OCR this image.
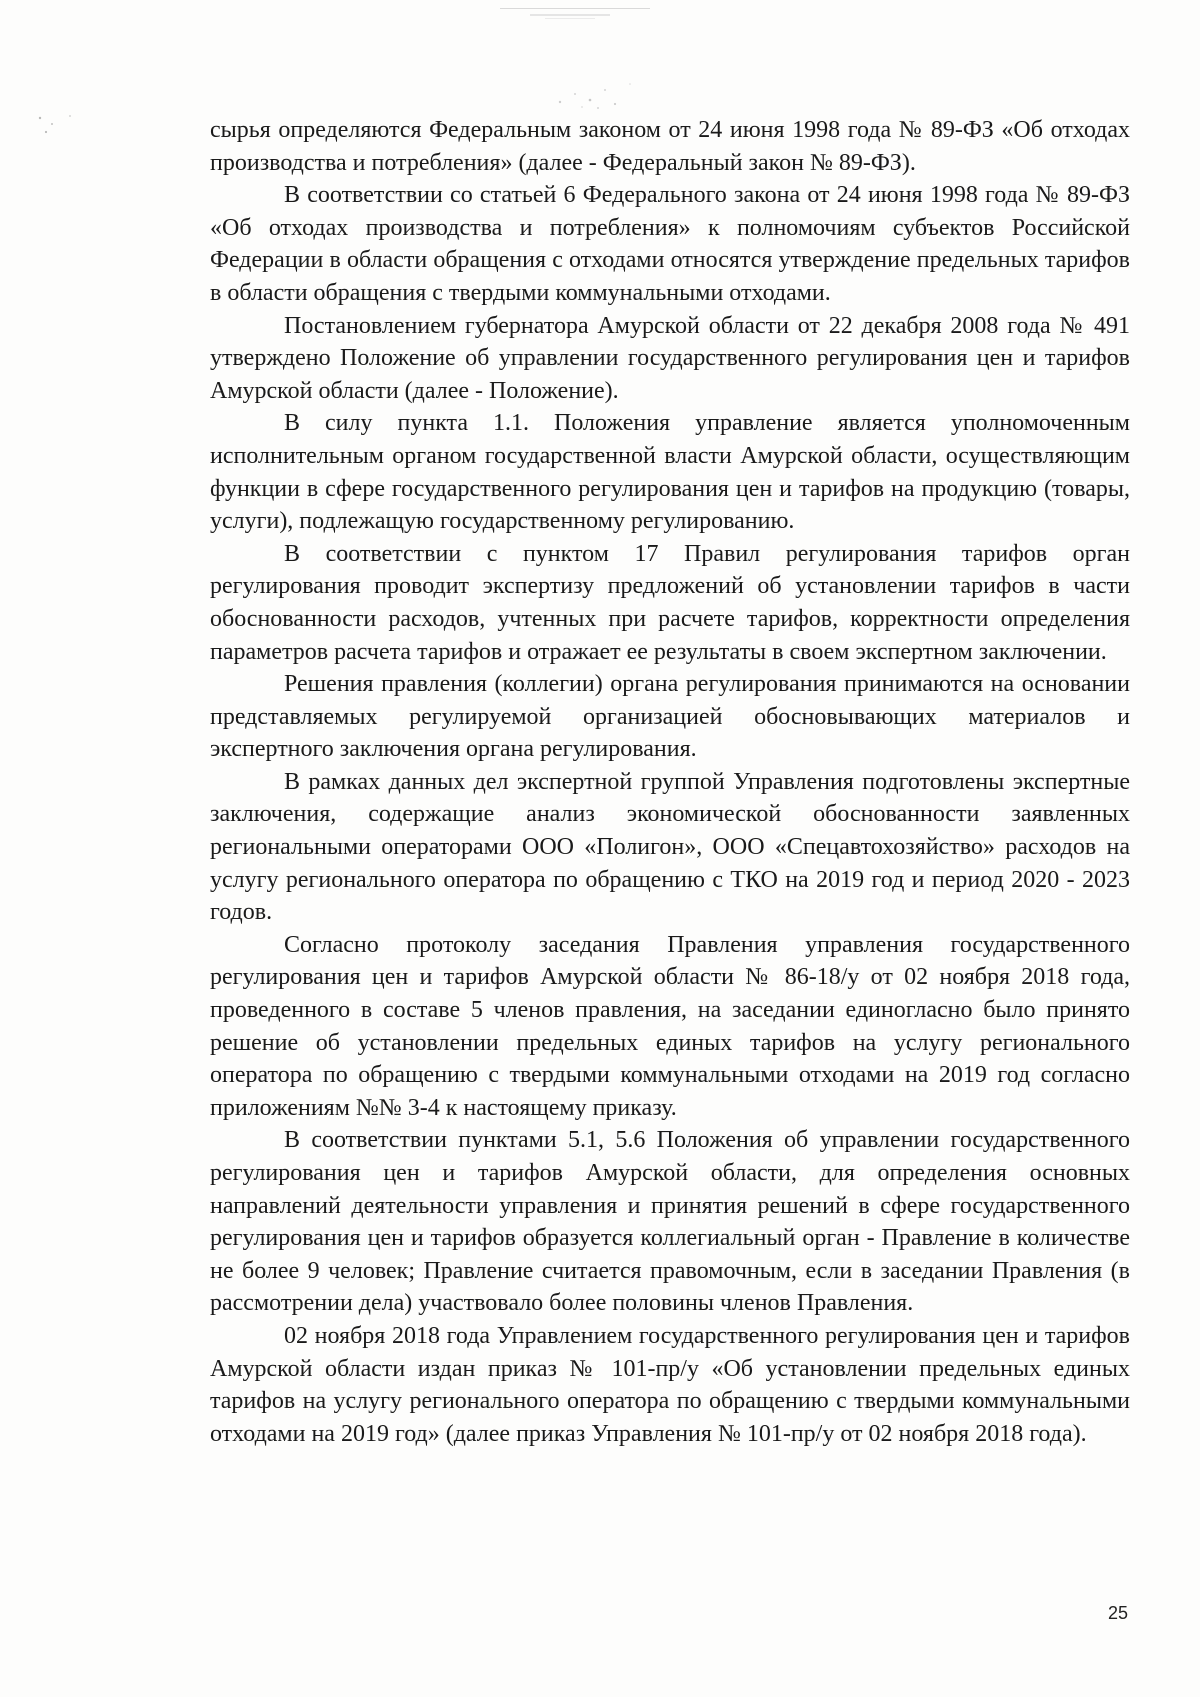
сырья определяются Федеральным законом от 24 июня 1998 года № 89-ФЗ «Об отходах производства и потребления» (далее - Федеральный закон № 89-ФЗ).

В соответствии со статьей 6 Федерального закона от 24 июня 1998 года № 89-ФЗ «Об отходах производства и потребления» к полномочиям субъектов Российской Федерации в области обращения с отходами относятся утверждение предельных тарифов в области обращения с твердыми коммунальными отходами.

Постановлением губернатора Амурской области от 22 декабря 2008 года № 491 утверждено Положение об управлении государственного регулирования цен и тарифов Амурской области (далее - Положение).

В силу пункта 1.1. Положения управление является уполномоченным исполнительным органом государственной власти Амурской области, осуществляющим функции в сфере государственного регулирования цен и тарифов на продукцию (товары, услуги), подлежащую государственному регулированию.

В соответствии с пунктом 17 Правил регулирования тарифов орган регулирования проводит экспертизу предложений об установлении тарифов в части обоснованности расходов, учтенных при расчете тарифов, корректности определения параметров расчета тарифов и отражает ее результаты в своем экспертном заключении.

Решения правления (коллегии) органа регулирования принимаются на основании представляемых регулируемой организацией обосновывающих материалов и экспертного заключения органа регулирования.

В рамках данных дел экспертной группой Управления подготовлены экспертные заключения, содержащие анализ экономической обоснованности заявленных региональными операторами ООО «Полигон», ООО «Спецавтохозяйство» расходов на услугу регионального оператора по обращению с ТКО на 2019 год и период 2020 - 2023 годов.

Согласно протоколу заседания Правления управления государственного регулирования цен и тарифов Амурской области № 86-18/у от 02 ноября 2018 года, проведенного в составе 5 членов правления, на заседании единогласно было принято решение об установлении предельных единых тарифов на услугу регионального оператора по обращению с твердыми коммунальными отходами на 2019 год согласно приложениям №№ 3-4 к настоящему приказу.

В соответствии пунктами 5.1, 5.6 Положения об управлении государственного регулирования цен и тарифов Амурской области, для определения основных направлений деятельности управления и принятия решений в сфере государственного регулирования цен и тарифов образуется коллегиальный орган - Правление в количестве не более 9 человек; Правление считается правомочным, если в заседании Правления (в рассмотрении дела) участвовало более половины членов Правления.

02 ноября 2018 года Управлением государственного регулирования цен и тарифов Амурской области издан приказ № 101-пр/у «Об установлении предельных единых тарифов на услугу регионального оператора по обращению с твердыми коммунальными отходами на 2019 год» (далее приказ Управления № 101-пр/у от 02 ноября 2018 года).

25
